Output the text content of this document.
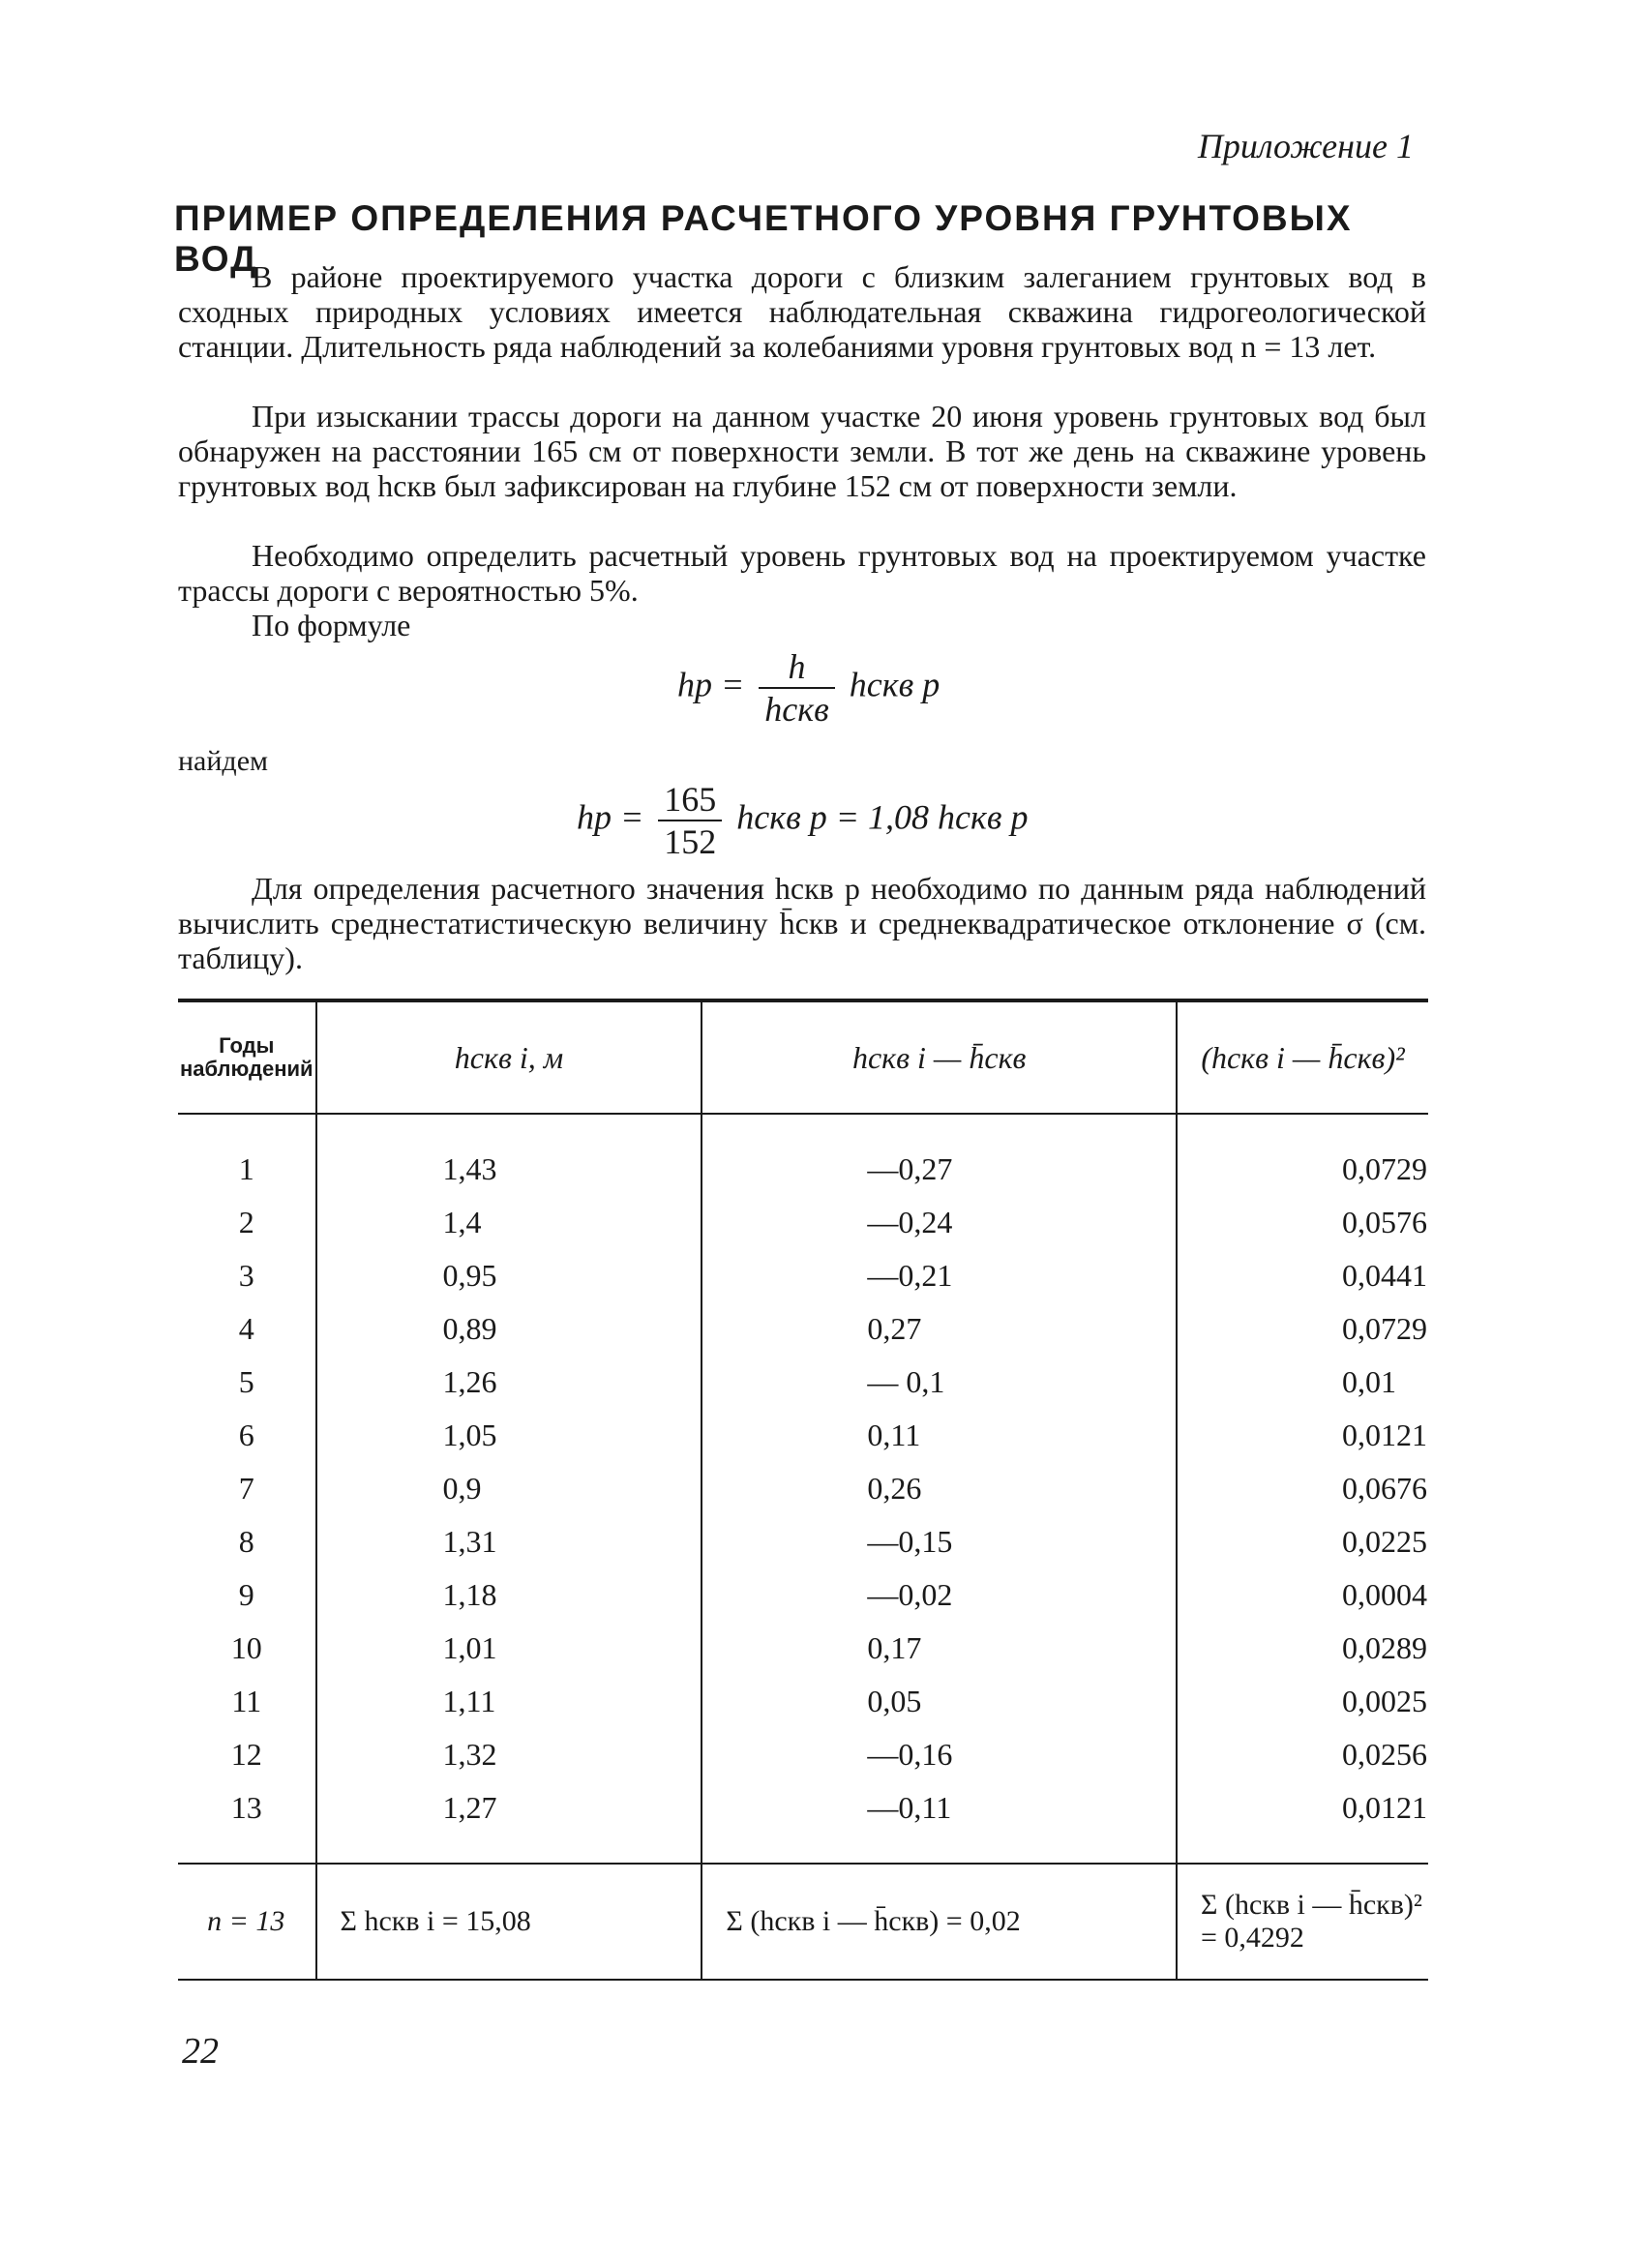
Приложение 1
ПРИМЕР ОПРЕДЕЛЕНИЯ РАСЧЕТНОГО УРОВНЯ ГРУНТОВЫХ ВОД

В районе проектируемого участка дороги с близким залеганием грунтовых вод в сходных природных условиях имеется наблюдательная скважина гидрогеологической станции. Длительность ряда наблюдений за колебаниями уровня грунтовых вод n = 13 лет.

При изыскании трассы дороги на данном участке 20 июня уровень грунтовых вод был обнаружен на расстоянии 165 см от поверхности земли. В тот же день на скважине уровень грунтовых вод hскв был зафиксирован на глубине 152 см от поверхности земли.

Необходимо определить расчетный уровень грунтовых вод на проектируемом участке трассы дороги с вероятностью 5%.

По формуле

hр = $\frac{h}{\text{hскв}}$ hскв р
найдем
hр = $\frac{165}{152}$ hскв р = 1,08 hскв р

Для определения расчетного значения hскв р необходимо по данным ряда наблюдений вычислить среднестатистическую величину h̄скв и среднеквадратическое отклонение σ (см. таблицу).

Годы наблюдений	hскв i, м	hскв i — h̄скв	(hскв i — h̄скв)²
1	1,43	—0,27	0,0729
2	1,4	—0,24	0,0576
3	0,95	—0,21	0,0441
4	0,89	0,27	0,0729
5	1,26	— 0,1	0,01
6	1,05	0,11	0,0121
7	0,9	0,26	0,0676
8	1,31	—0,15	0,0225
9	1,18	—0,02	0,0004
10	1,01	0,17	0,0289
11	1,11	0,05	0,0025
12	1,32	—0,16	0,0256
13	1,27	—0,11	0,0121
n = 13	Σ hскв i = 15,08	Σ (hскв i — h̄скв) = 0,02	Σ (hскв i — h̄скв)² = 0,4292
22
